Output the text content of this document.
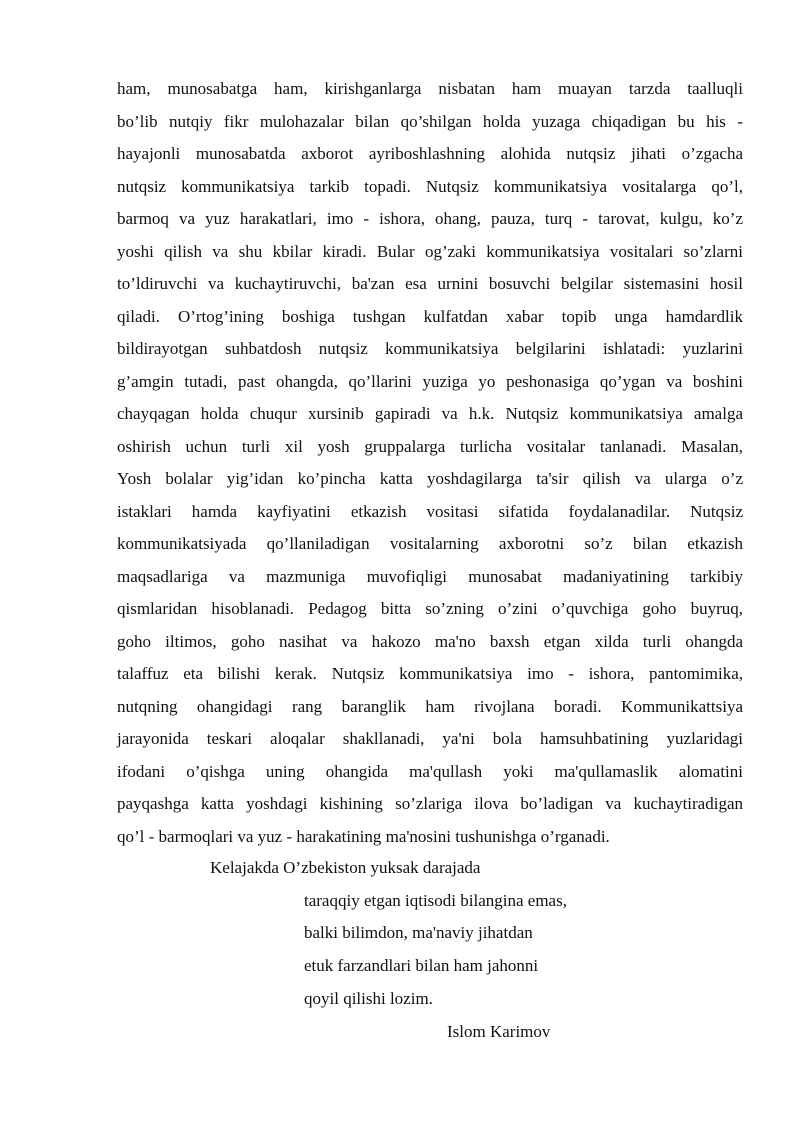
ham, munosabatga ham, kirishganlarga nisbatan ham muayan tarzda taalluqli
bo’lib nutqiy fikr mulohazalar bilan qo’shilgan holda yuzaga chiqadigan bu his -
hayajonli munosabatda axborot ayriboshlashning alohida nutqsiz jihati o’zgacha
nutqsiz kommunikatsiya tarkib topadi. Nutqsiz kommunikatsiya vositalarga qo’l,
barmoq va yuz harakatlari, imo - ishora, ohang, pauza, turq - tarovat, kulgu, ko’z
yoshi qilish va shu kbilar kiradi. Bular og’zaki kommunikatsiya vositalari so’zlarni
to’ldiruvchi va kuchaytiruvchi, ba'zan esa urnini bosuvchi belgilar sistemasini hosil
qiladi. O’rtog’ining boshiga tushgan kulfatdan xabar topib unga hamdardlik
bildirayotgan suhbatdosh nutqsiz kommunikatsiya belgilarini ishlatadi: yuzlarini
g’amgin tutadi, past ohangda, qo’llarini yuziga yo peshonasiga qo’ygan va boshini
chayqagan holda chuqur xursinib gapiradi va h.k. Nutqsiz kommunikatsiya amalga
oshirish uchun turli xil yosh gruppalarga turlicha vositalar tanlanadi. Masalan,
Yosh bolalar yig’idan ko’pincha katta yoshdagilarga ta'sir qilish va ularga o’z
istaklari hamda kayfiyatini etkazish vositasi sifatida foydalanadilar. Nutqsiz
kommunikatsiyada qo’llaniladigan vositalarning axborotni so’z bilan etkazish
maqsadlariga va mazmuniga muvofiqligi munosabat madaniyatining tarkibiy
qismlaridan hisoblanadi. Pedagog bitta so’zning o’zini o’quvchiga goho buyruq,
goho iltimos, goho nasihat va hakozo ma'no baxsh etgan xilda turli ohangda
talaffuz eta bilishi kerak. Nutqsiz kommunikatsiya imo - ishora, pantomimika,
nutqning ohangidagi rang baranglik ham rivojlana boradi. Kommunikattsiya
jarayonida teskari aloqalar shakllanadi, ya'ni bola hamsuhbatining yuzlaridagi
ifodani o’qishga uning ohangida ma'qullash yoki ma'qullamaslik alomatini
payqashga katta yoshdagi kishining so’zlariga ilova bo’ladigan va kuchaytiradigan
qo’l - barmoqlari va yuz - harakatining ma'nosini tushunishga o’rganadi.

Kelajakda O’zbekiston yuksak darajada
taraqqiy etgan iqtisodi bilangina emas,
balki bilimdon, ma'naviy jihatdan
etuk farzandlari bilan ham jahonni
qoyil qilishi lozim.
Islom Karimov
